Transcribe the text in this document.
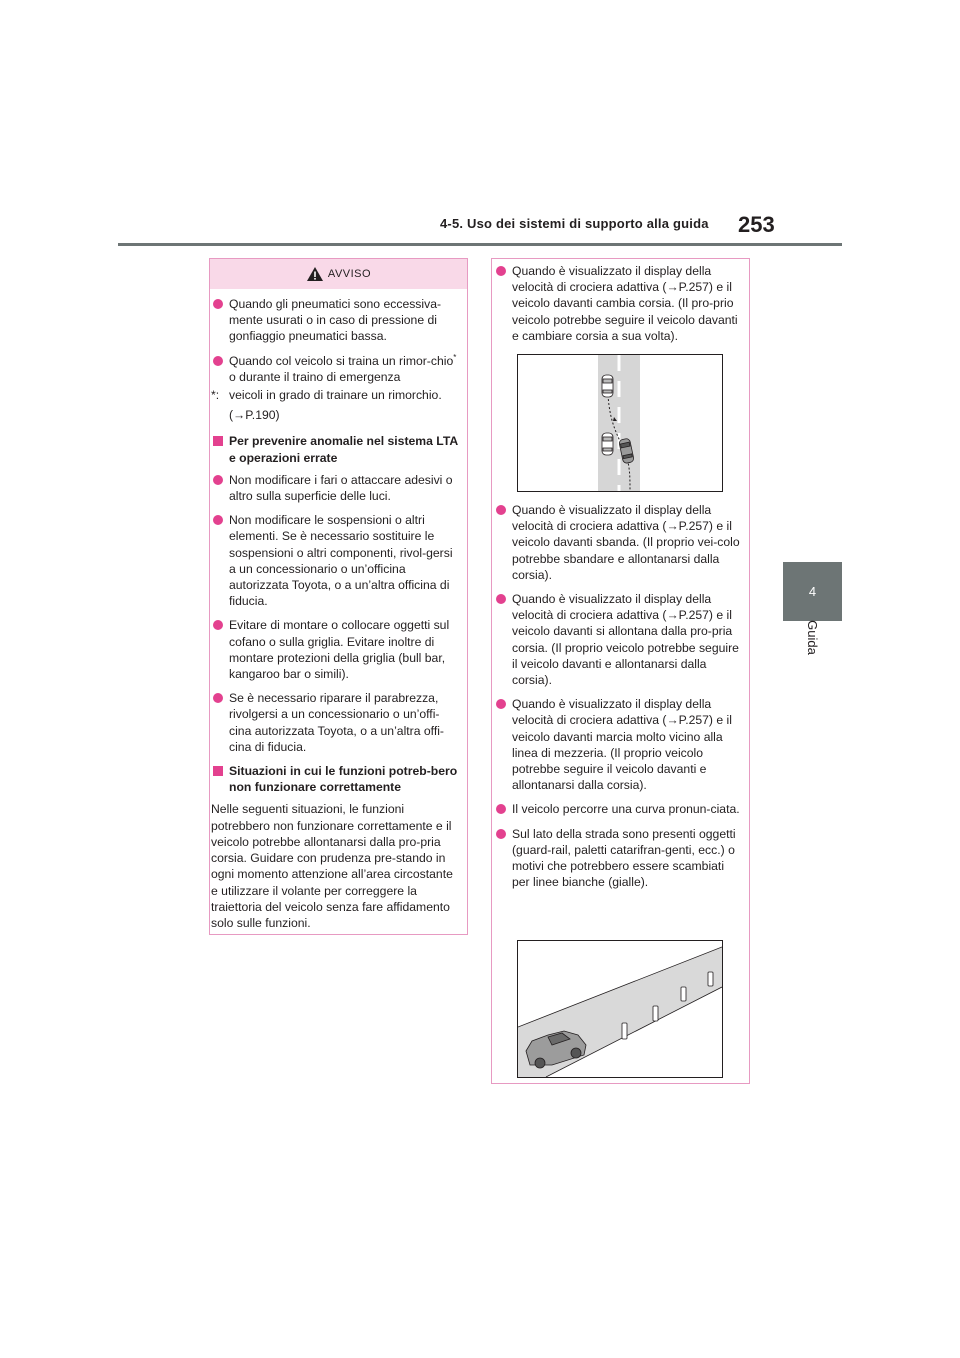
4-5. Uso dei sistemi di supporto alla guida 253
4
Guida
AVVISO

Quando gli pneumatici sono eccessiva-mente usurati o in caso di pressione di gonfiaggio pneumatici bassa.

Quando col veicolo si traina un rimor-chio* o durante il traino di emergenza

*: veicoli in grado di trainare un rimorchio.

(→P.190)

Per prevenire anomalie nel sistema LTA e operazioni errate

Non modificare i fari o attaccare adesivi o altro sulla superficie delle luci.

Non modificare le sospensioni o altri elementi. Se è necessario sostituire le sospensioni o altri componenti, rivol-gersi a un concessionario o un’officina autorizzata Toyota, o a un’altra officina di fiducia.

Evitare di montare o collocare oggetti sul cofano o sulla griglia. Evitare inoltre di montare protezioni della griglia (bull bar, kangaroo bar o simili).

Se è necessario riparare il parabrezza, rivolgersi a un concessionario o un’offi-cina autorizzata Toyota, o a un’altra offi-cina di fiducia.

Situazioni in cui le funzioni potreb-bero non funzionare correttamente

Nelle seguenti situazioni, le funzioni potrebbero non funzionare correttamente e il veicolo potrebbe allontanarsi dalla pro-pria corsia. Guidare con prudenza pre-stando in ogni momento attenzione all’area circostante e utilizzare il volante per correggere la traiettoria del veicolo senza fare affidamento solo sulle funzioni.

Quando è visualizzato il display della velocità di crociera adattiva (→P.257) e il veicolo davanti cambia corsia. (Il pro-prio veicolo potrebbe seguire il veicolo davanti e cambiare corsia a sua volta).

Quando è visualizzato il display della velocità di crociera adattiva (→P.257) e il veicolo davanti sbanda. (Il proprio vei-colo potrebbe sbandare e allontanarsi dalla corsia).

Quando è visualizzato il display della velocità di crociera adattiva (→P.257) e il veicolo davanti si allontana dalla pro-pria corsia. (Il proprio veicolo potrebbe seguire il veicolo davanti e allontanarsi dalla corsia).

Quando è visualizzato il display della velocità di crociera adattiva (→P.257) e il veicolo davanti marcia molto vicino alla linea di mezzeria. (Il proprio veicolo potrebbe seguire il veicolo davanti e allontanarsi dalla corsia).

Il veicolo percorre una curva pronun-ciata.

Sul lato della strada sono presenti oggetti (guard-rail, paletti catarifran-genti, ecc.) o motivi che potrebbero essere scambiati per linee bianche (gialle).
